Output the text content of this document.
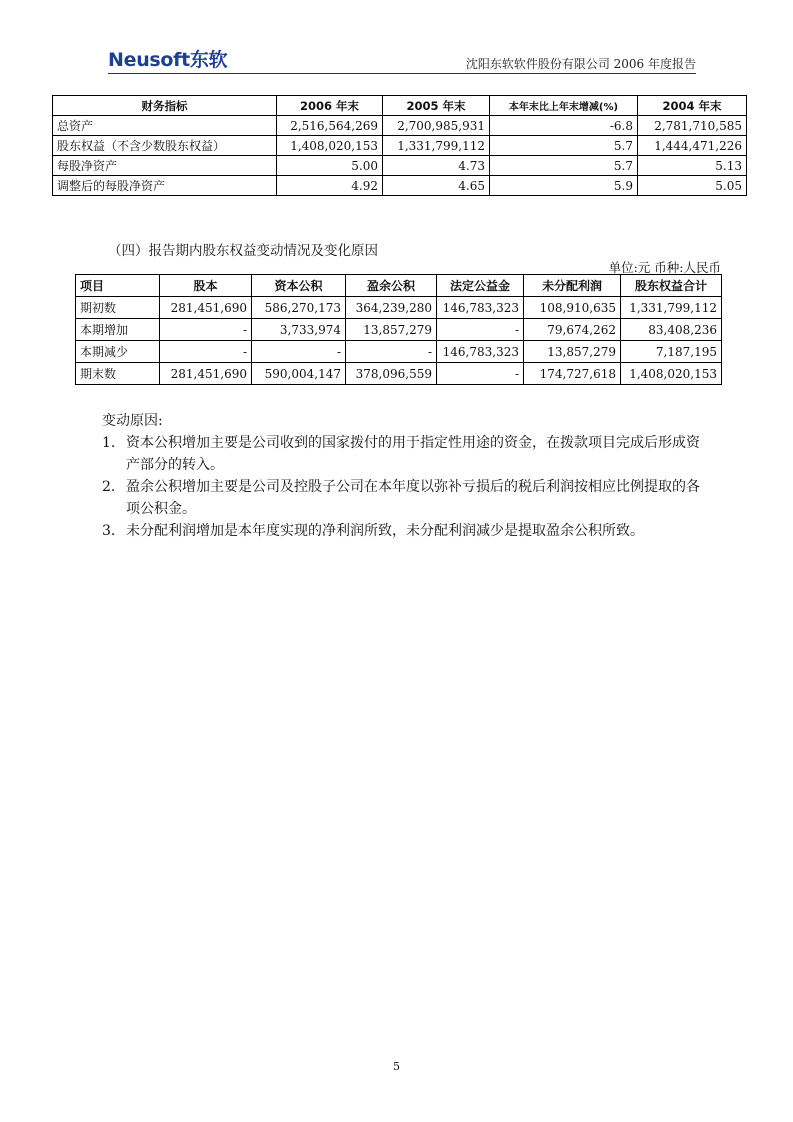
Neusoft东软	沈阳东软软件股份有限公司 2006 年度报告
财务指标	2006 年末	2005 年末	本年末比上年末增减(%)	2004 年末
总资产	2,516,564,269	2,700,985,931	-6.8	2,781,710,585
股东权益（不含少数股东权益）	1,408,020,153	1,331,799,112	5.7	1,444,471,226
每股净资产	5.00	4.73	5.7	5.13
调整后的每股净资产	4.92	4.65	5.9	5.05
（四）报告期内股东权益变动情况及变化原因
单位:元 币种:人民币
项目	股本	资本公积	盈余公积	法定公益金	未分配利润	股东权益合计
期初数	281,451,690	586,270,173	364,239,280	146,783,323	108,910,635	1,331,799,112
本期增加	-	3,733,974	13,857,279	-	79,674,262	83,408,236
本期减少	-	-	-	146,783,323	13,857,279	7,187,195
期末数	281,451,690	590,004,147	378,096,559	-	174,727,618	1,408,020,153
变动原因:
1. 资本公积增加主要是公司收到的国家拨付的用于指定性用途的资金，在拨款项目完成后形成资产部分的转入。
2. 盈余公积增加主要是公司及控股子公司在本年度以弥补亏损后的税后利润按相应比例提取的各项公积金。
3. 未分配利润增加是本年度实现的净利润所致，未分配利润减少是提取盈余公积所致。
5
